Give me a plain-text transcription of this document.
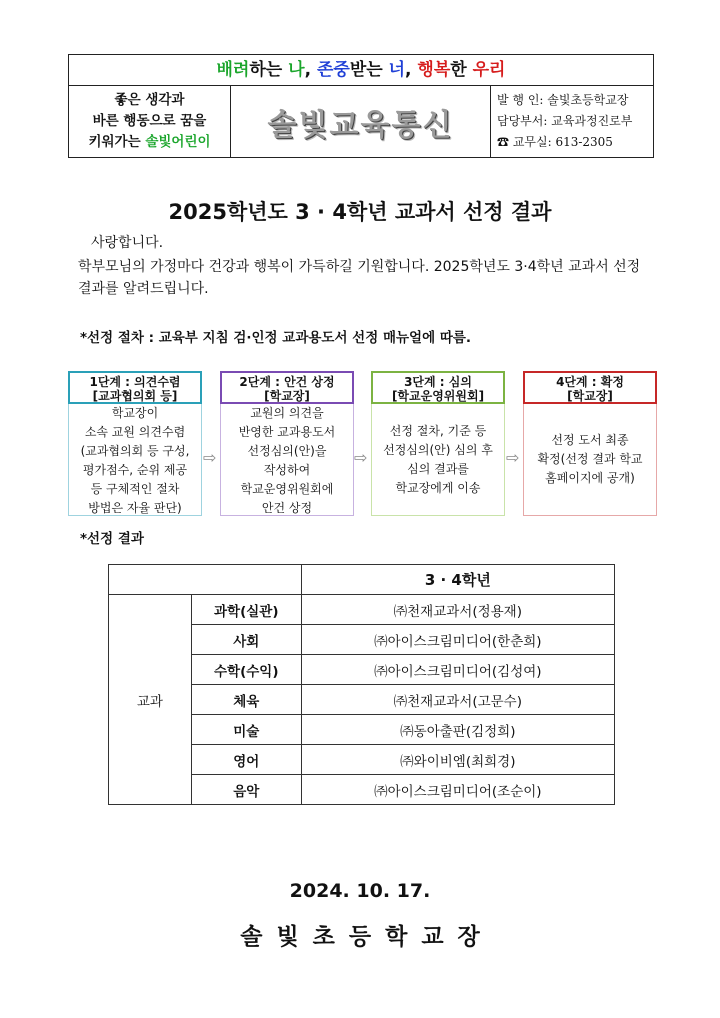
배려하는 나, 존중받는 너, 행복한 우리
좋은 생각과
바른 행동으로 꿈을
키워가는 솔빛어린이	솔빛교육통신
발 행 인: 솔빛초등학교장
담당부서: 교육과정진로부
☎ 교무실: 613-2305
2025학년도 3 · 4학년 교과서 선정 결과
사랑합니다.
학부모님의 가정마다 건강과 행복이 가득하길 기원합니다. 2025학년도 3·4학년 교과서 선정 결과를 알려드립니다.
*선정 절차 : 교육부 지침 검·인정 교과용도서 선정 매뉴얼에 따름.
1단계 : 의견수렴
[교과협의회 등]
학교장이
소속 교원 의견수렴
(교과협의회 등 구성,
평가점수, 순위 제공
등 구체적인 절차
방법은 자율 판단)
⇨
2단계 : 안건 상정
[학교장]
교원의 의견을
반영한 교과용도서
선정심의(안)을
작성하여
학교운영위원회에
안건 상정
⇨
3단계 : 심의
[학교운영위원회]
선정 절차, 기준 등
선정심의(안) 심의 후
심의 결과를
학교장에게 이송
⇨
4단계 : 확정
[학교장]
선정 도서 최종
확정(선정 결과 학교
홈페이지에 공개)
*선정 결과
		3 · 4학년
교과	과학(실관)	㈜천재교과서(정용재)
	사회	㈜아이스크림미디어(한춘희)
	수학(수익)	㈜아이스크림미디어(김성여)
	체육	㈜천재교과서(고문수)
	미술	㈜동아출판(김정희)
	영어	㈜와이비엠(최희경)
	음악	㈜아이스크림미디어(조순이)
2024. 10. 17.
솔빛초등학교장
